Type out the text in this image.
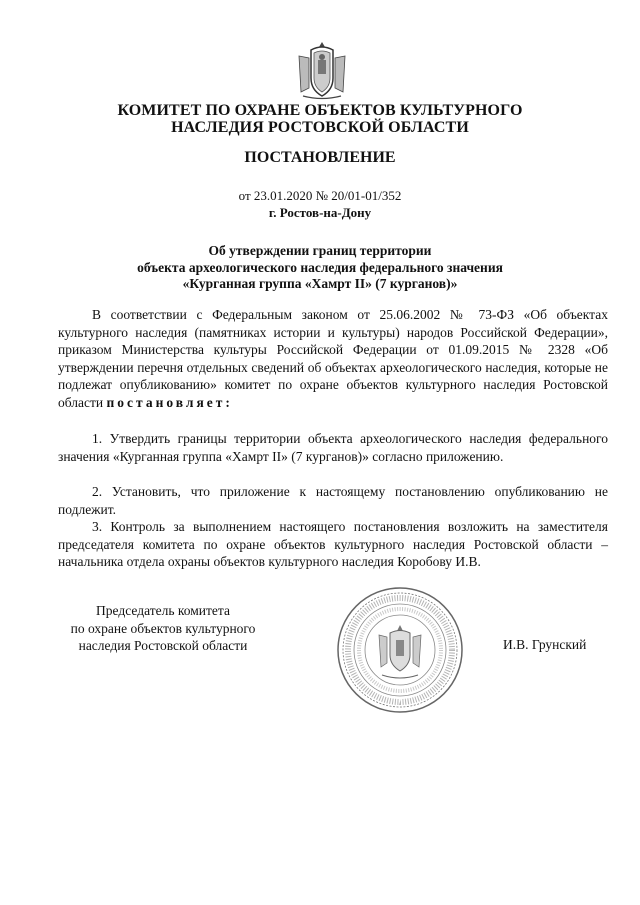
КОМИТЕТ ПО ОХРАНЕ ОБЪЕКТОВ КУЛЬТУРНОГО
НАСЛЕДИЯ РОСТОВСКОЙ ОБЛАСТИ
ПОСТАНОВЛЕНИЕ
от 23.01.2020 № 20/01-01/352
г. Ростов-на-Дону
Об утверждении границ территории
объекта археологического наследия федерального значения
«Курганная группа «Хамрт II» (7 курганов)»
В соответствии с Федеральным законом от 25.06.2002 № 73-ФЗ «Об объектах культурного наследия (памятниках истории и культуры) народов Российской Федерации», приказом Министерства культуры Российской Федерации от 01.09.2015 № 2328 «Об утверждении перечня отдельных сведений об объектах археологического наследия, которые не подлежат опубликованию» комитет по охране объектов культурного наследия Ростовской области постановляет:
1. Утвердить границы территории объекта археологического наследия федерального значения «Курганная группа «Хамрт II» (7 курганов)» согласно приложению.
2. Установить, что приложение к настоящему постановлению опубликованию не подлежит.
3. Контроль за выполнением настоящего постановления возложить на заместителя председателя комитета по охране объектов культурного наследия Ростовской области – начальника отдела охраны объектов культурного наследия Коробову И.В.
Председатель комитета
по охране объектов культурного
наследия Ростовской области	И.В. Грунский
